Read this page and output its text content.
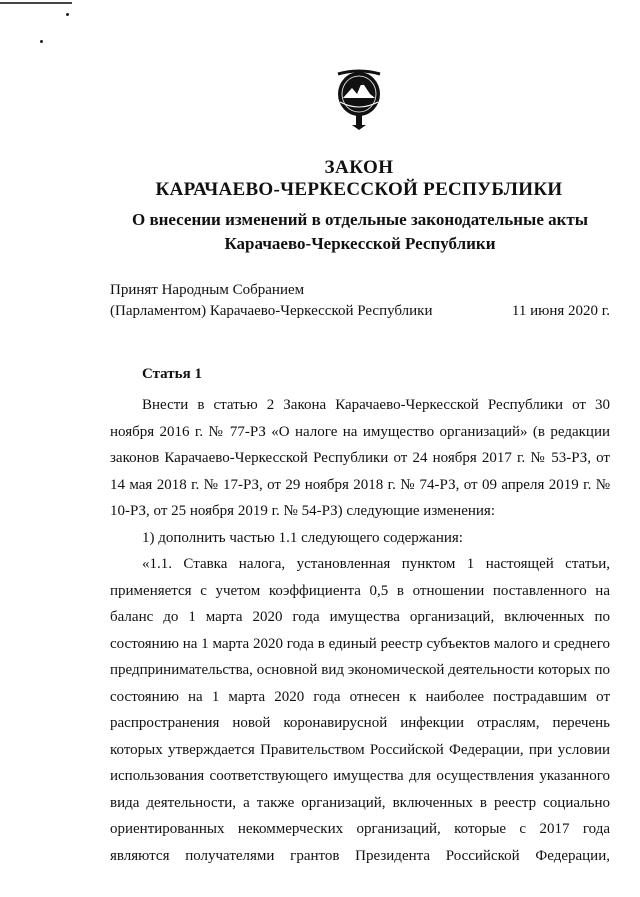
ЗАКОН
КАРАЧАЕВО-ЧЕРКЕССКОЙ РЕСПУБЛИКИ
О внесении изменений в отдельные законодательные акты Карачаево-Черкесской Республики
Принят Народным Собранием
(Парламентом) Карачаево-Черкесской Республики	11 июня 2020 г.
Статья 1

Внести в статью 2 Закона Карачаево-Черкесской Республики от 30 ноября 2016 г. № 77-РЗ «О налоге на имущество организаций» (в редакции законов Карачаево-Черкесской Республики от 24 ноября 2017 г. № 53-РЗ, от 14 мая 2018 г. № 17-РЗ, от 29 ноября 2018 г. № 74-РЗ, от 09 апреля 2019 г. № 10-РЗ, от 25 ноября 2019 г. № 54-РЗ) следующие изменения:

1) дополнить частью 1.1 следующего содержания:

«1.1. Ставка налога, установленная пунктом 1 настоящей статьи, применяется с учетом коэффициента 0,5 в отношении поставленного на баланс до 1 марта 2020 года имущества организаций, включенных по состоянию на 1 марта 2020 года в единый реестр субъектов малого и среднего предпринимательства, основной вид экономической деятельности которых по состоянию на 1 марта 2020 года отнесен к наиболее пострадавшим от распространения новой коронавирусной инфекции отраслям, перечень которых утверждается Правительством Российской Федерации, при условии использования соответствующего имущества для осуществления указанного вида деятельности, а также организаций, включенных в реестр социально ориентированных некоммерческих организаций, которые с 2017 года являются получателями грантов Президента Российской Федерации,
